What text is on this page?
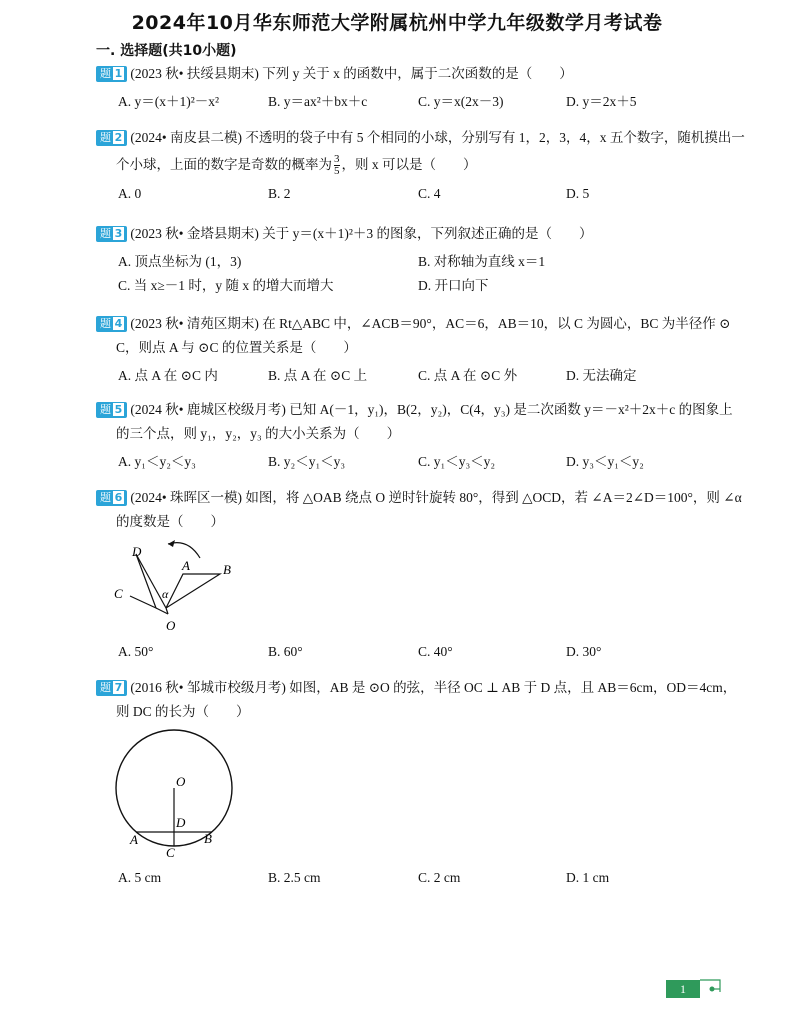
2024年10月华东师范大学附属杭州中学九年级数学月考试卷
一. 选择题(共10小题)
题 1 (2023 秋• 扶绥县期末) 下列 y 关于 x 的函数中，属于二次函数的是（　　）
A. y＝(x＋1)²－x²	B. y＝ax²＋bx＋c	C. y＝x(2x－3)	D. y＝2x＋5
题 2 (2024• 南皮县二模) 不透明的袋子中有 5 个相同的小球，分别写有 1，2，3，4，x 五个数字，随机摸出一
个小球，上面的数字是奇数的概率为 $\frac{3}{5}$ ，则 x 可以是（　　）
A. 0	B. 2	C. 4	D. 5
题 3 (2023 秋• 金塔县期末) 关于 y＝(x＋1)²＋3 的图象，下列叙述正确的是（　　）
A. 顶点坐标为 (1，3)	B. 对称轴为直线 x＝1
C. 当 x≥－1 时，y 随 x 的增大而增大	D. 开口向下
题 4 (2023 秋• 清苑区期末) 在 Rt△ABC 中，∠ACB＝90°，AC＝6，AB＝10，以 C 为圆心，BC 为半径作 ⊙
C，则点 A 与 ⊙C 的位置关系是（　　）
A. 点 A 在 ⊙C 内	B. 点 A 在 ⊙C 上	C. 点 A 在 ⊙C 外	D. 无法确定
题 5 (2024 秋• 鹿城区校级月考) 已知 A(－1，y₁)，B(2，y₂)，C(4，y₃) 是二次函数 y＝－x²＋2x＋c 的图象上
的三个点，则 y₁，y₂，y₃ 的大小关系为（　　）
A. y₁＜y₂＜y₃	B. y₂＜y₁＜y₃	C. y₁＜y₃＜y₂	D. y₃＜y₁＜y₂
题 6 (2024• 珠晖区一模) 如图，将 △OAB 绕点 O 逆时针旋转 80°，得到 △OCD，若 ∠A＝2∠D＝100°，则 ∠α
的度数是（　　）
D
A	B
C	α
O
A. 50°	B. 60°	C. 40°	D. 30°
题 7 (2016 秋• 邹城市校级月考) 如图，AB 是 ⊙O 的弦，半径 OC ⊥ AB 于 D 点，且 AB＝6cm，OD＝4cm，
则 DC 的长为（　　）
O
D
A	B
C
A. 5 cm	B. 2.5 cm	C. 2 cm	D. 1 cm
1
